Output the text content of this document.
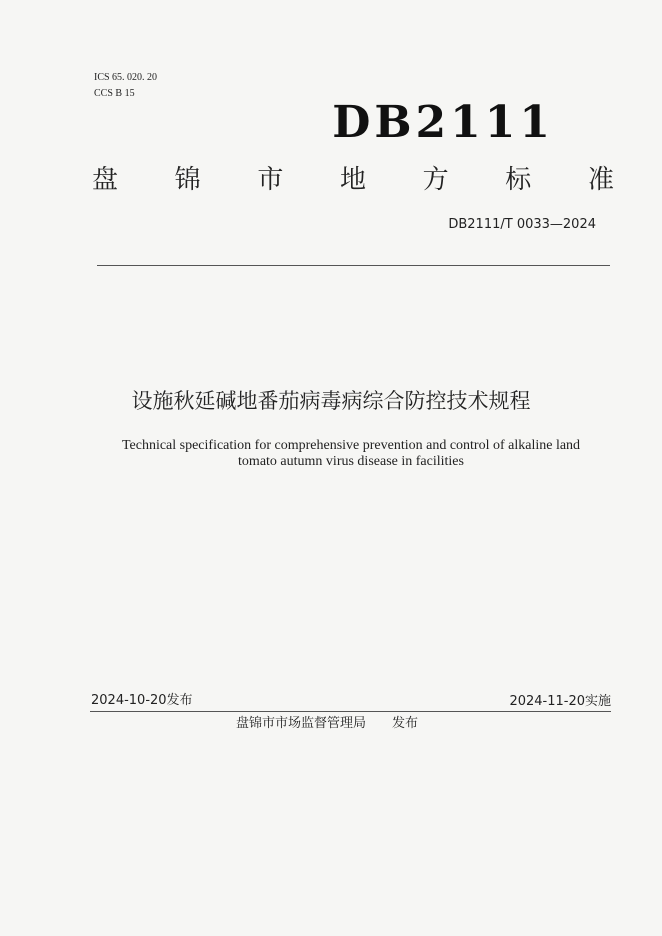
ICS 65. 020. 20
CCS B 15
DB2111
盘 锦 市 地 方 标 准
DB2111/T 0033—2024
设施秋延碱地番茄病毒病综合防控技术规程
Technical specification for comprehensive prevention and control of alkaline land
tomato autumn virus disease in facilities
2024-10-20发布	2024-11-20实施
盘锦市市场监督管理局 发布
